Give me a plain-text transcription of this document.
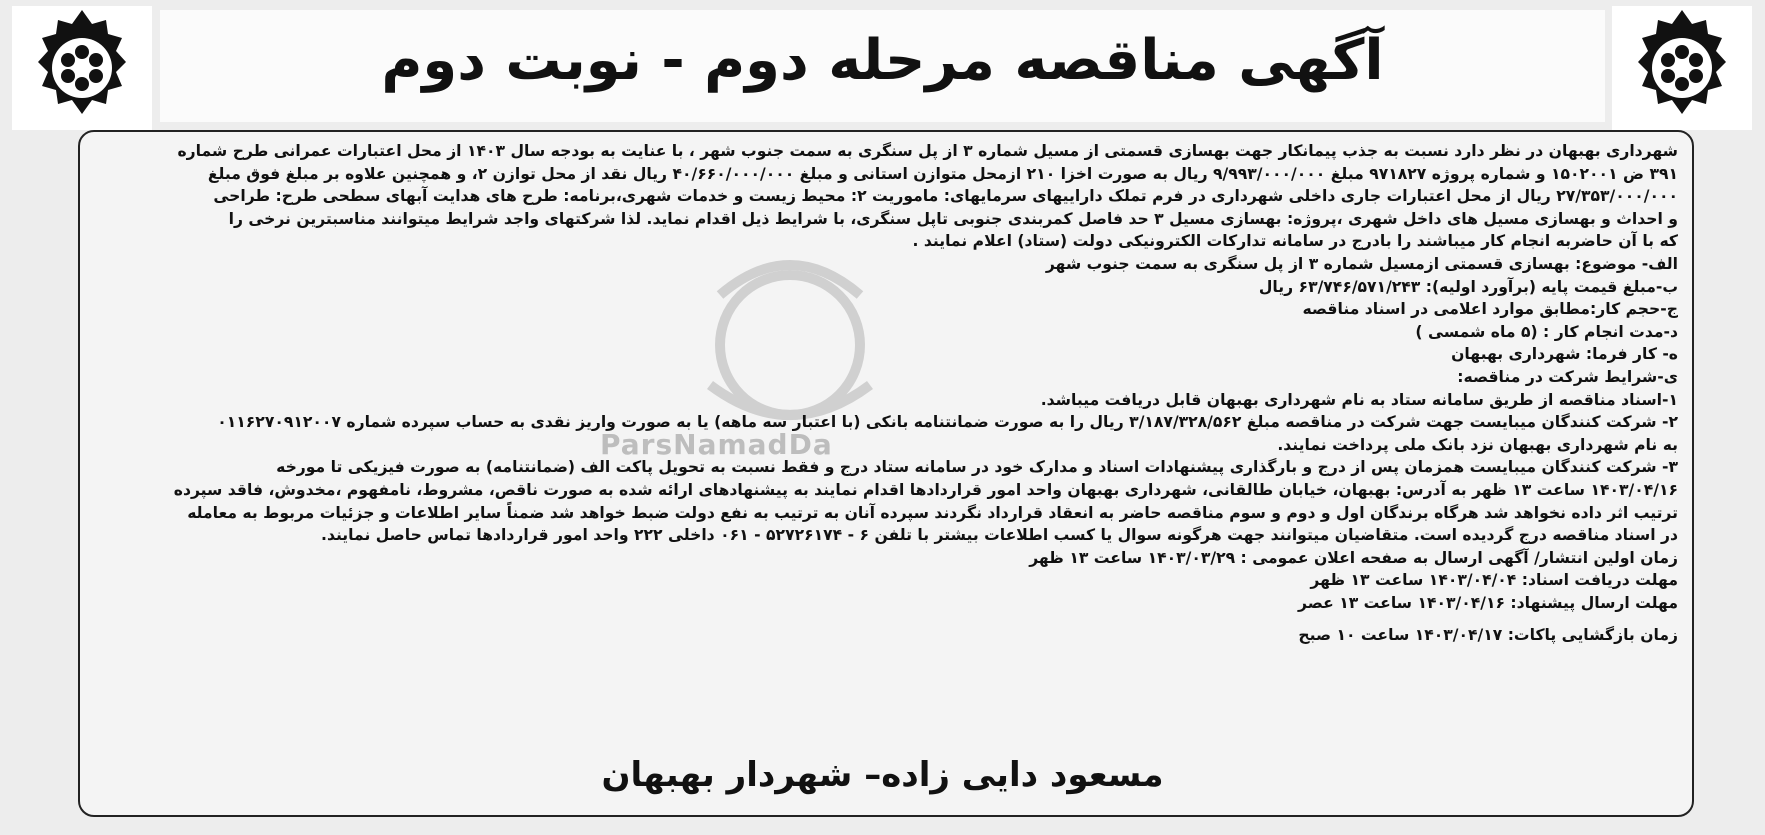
آگهی مناقصه مرحله دوم - نوبت دوم
ParsNamadDa

شهرداری بهبهان در نظر دارد نسبت به جذب پیمانکار جهت بهسازی قسمتی از مسیل شماره ۳ از پل سنگری به سمت جنوب شهر ، با عنایت به بودجه سال ۱۴۰۳ از محل اعتبارات عمرانی طرح شماره

۳۹۱ ض ۱۵۰۲۰۰۱ و شماره پروژه ۹۷۱۸۲۷ مبلغ ۹/۹۹۳/۰۰۰/۰۰۰ ریال به صورت اخزا ۲۱۰ ازمحل متوازن استانی و مبلغ ۴۰/۶۶۰/۰۰۰/۰۰۰ ریال نقد از محل توازن ۲، و همچنین علاوه بر مبلغ فوق مبلغ

۲۷/۳۵۳/۰۰۰/۰۰۰ ریال از محل اعتبارات جاری داخلی شهرداری در فرم تملک داراییهای سرمایهای: ماموریت ۲: محیط زیست و خدمات شهری،برنامه: طرح های هدایت آبهای سطحی طرح: طراحی

و احداث و بهسازی مسیل های داخل شهری ،پروژه: بهسازی مسیل ۳ حد فاصل کمربندی جنوبی تاپل سنگری، با شرایط ذیل اقدام نماید. لذا شرکتهای واجد شرایط میتوانند مناسبترین نرخی را

که با آن حاضربه انجام کار میباشند را بادرج در سامانه تدارکات الکترونیکی دولت (ستاد) اعلام نمایند .

الف- موضوع: بهسازی قسمتی ازمسیل شماره ۳ از پل سنگری به سمت جنوب شهر

ب-مبلغ قیمت پایه (برآورد اولیه): ۶۳/۷۴۶/۵۷۱/۲۴۳ ریال

ج-حجم کار:مطابق موارد اعلامی در اسناد مناقصه

د-مدت انجام کار : (۵ ماه شمسی )

ه- کار فرما: شهرداری بهبهان

ی-شرایط شرکت در مناقصه:

۱-اسناد مناقصه از طریق سامانه ستاد به نام شهرداری بهبهان قابل دریافت میباشد.

۲- شرکت کنندگان میبایست جهت شرکت در مناقصه مبلغ ۳/۱۸۷/۳۲۸/۵۶۲ ریال را به صورت ضمانتنامه بانکی (با اعتبار سه ماهه) یا به صورت واریز نقدی به حساب سپرده شماره ۰۱۱۶۲۷۰۹۱۲۰۰۷

به نام شهرداری بهبهان نزد بانک ملی پرداخت نمایند.

۳- شرکت کنندگان میبایست همزمان پس از درج و بارگذاری پیشنهادات اسناد و مدارک خود در سامانه ستاد درج و فقط نسبت به تحویل پاکت الف (ضمانتنامه) به صورت فیزیکی تا مورخه

۱۴۰۳/۰۴/۱۶ ساعت ۱۳ ظهر به آدرس: بهبهان، خیابان طالقانی، شهرداری بهبهان واحد امور قراردادها اقدام نمایند به پیشنهادهای ارائه شده به صورت ناقص، مشروط، نامفهوم ،مخدوش، فاقد سپرده

ترتیب اثر داده نخواهد شد هرگاه برندگان اول و دوم و سوم مناقصه حاضر به انعقاد قرارداد نگردند سپرده آنان به ترتیب به نفع دولت ضبط خواهد شد ضمناً سایر اطلاعات و جزئیات مربوط به معامله

در اسناد مناقصه درج گردیده است. متقاضیان میتوانند جهت هرگونه سوال یا کسب اطلاعات بیشتر با تلفن ۶ - ۵۲۷۲۶۱۷۴ - ۰۶۱ داخلی ۲۲۲ واحد امور قراردادها تماس حاصل نمایند.

زمان اولین انتشار/ آگهی ارسال به صفحه اعلان عمومی : ۱۴۰۳/۰۳/۲۹ ساعت ۱۳ ظهر

مهلت دریافت اسناد: ۱۴۰۳/۰۴/۰۴ ساعت ۱۳ ظهر

مهلت ارسال پیشنهاد: ۱۴۰۳/۰۴/۱۶ ساعت ۱۳ عصر

زمان بازگشایی پاکات: ۱۴۰۳/۰۴/۱۷ ساعت ۱۰ صبح

مسعود دایی زاده– شهردار بهبهان
